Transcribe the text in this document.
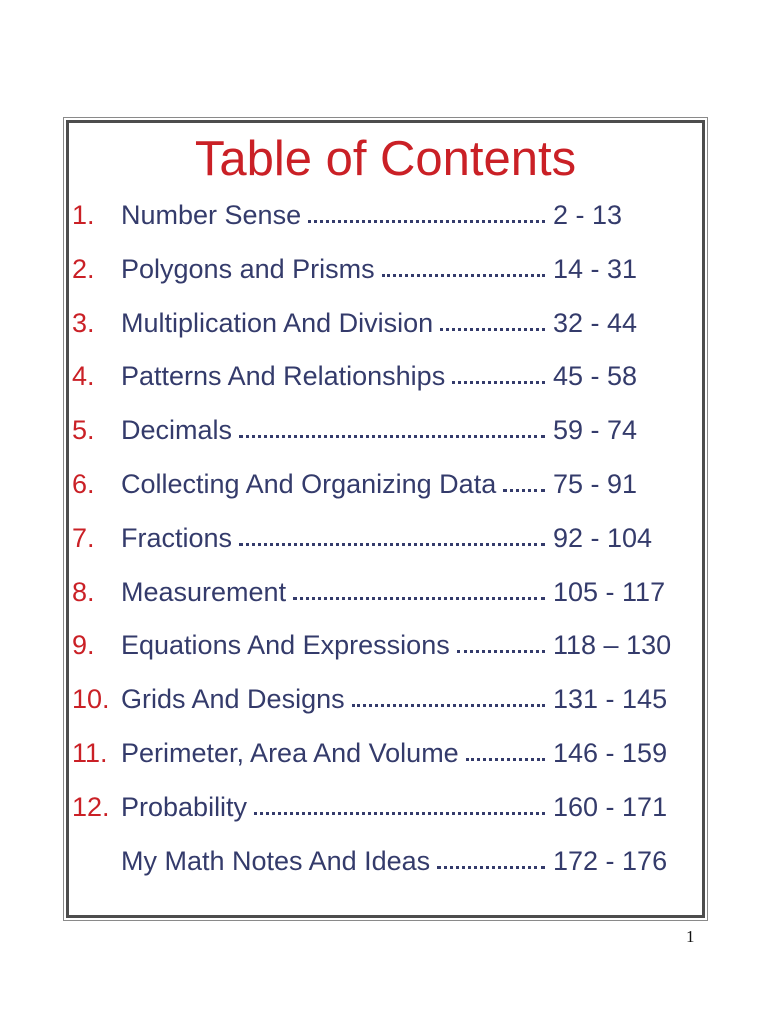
Table of Contents
1. Number Sense	2 - 13
2. Polygons and Prisms	14 - 31
3. Multiplication And Division	32 - 44
4. Patterns And Relationships	45 - 58
5. Decimals	59 - 74
6. Collecting And Organizing Data 75 - 91
7. Fractions	92 - 104
8. Measurement	105 - 117
9. Equations And Expressions	118 – 130
10. Grids And Designs	131 - 145
11. Perimeter, Area And Volume	146 - 159
12. Probability	160 - 171
My Math Notes And Ideas	172 - 176
1
